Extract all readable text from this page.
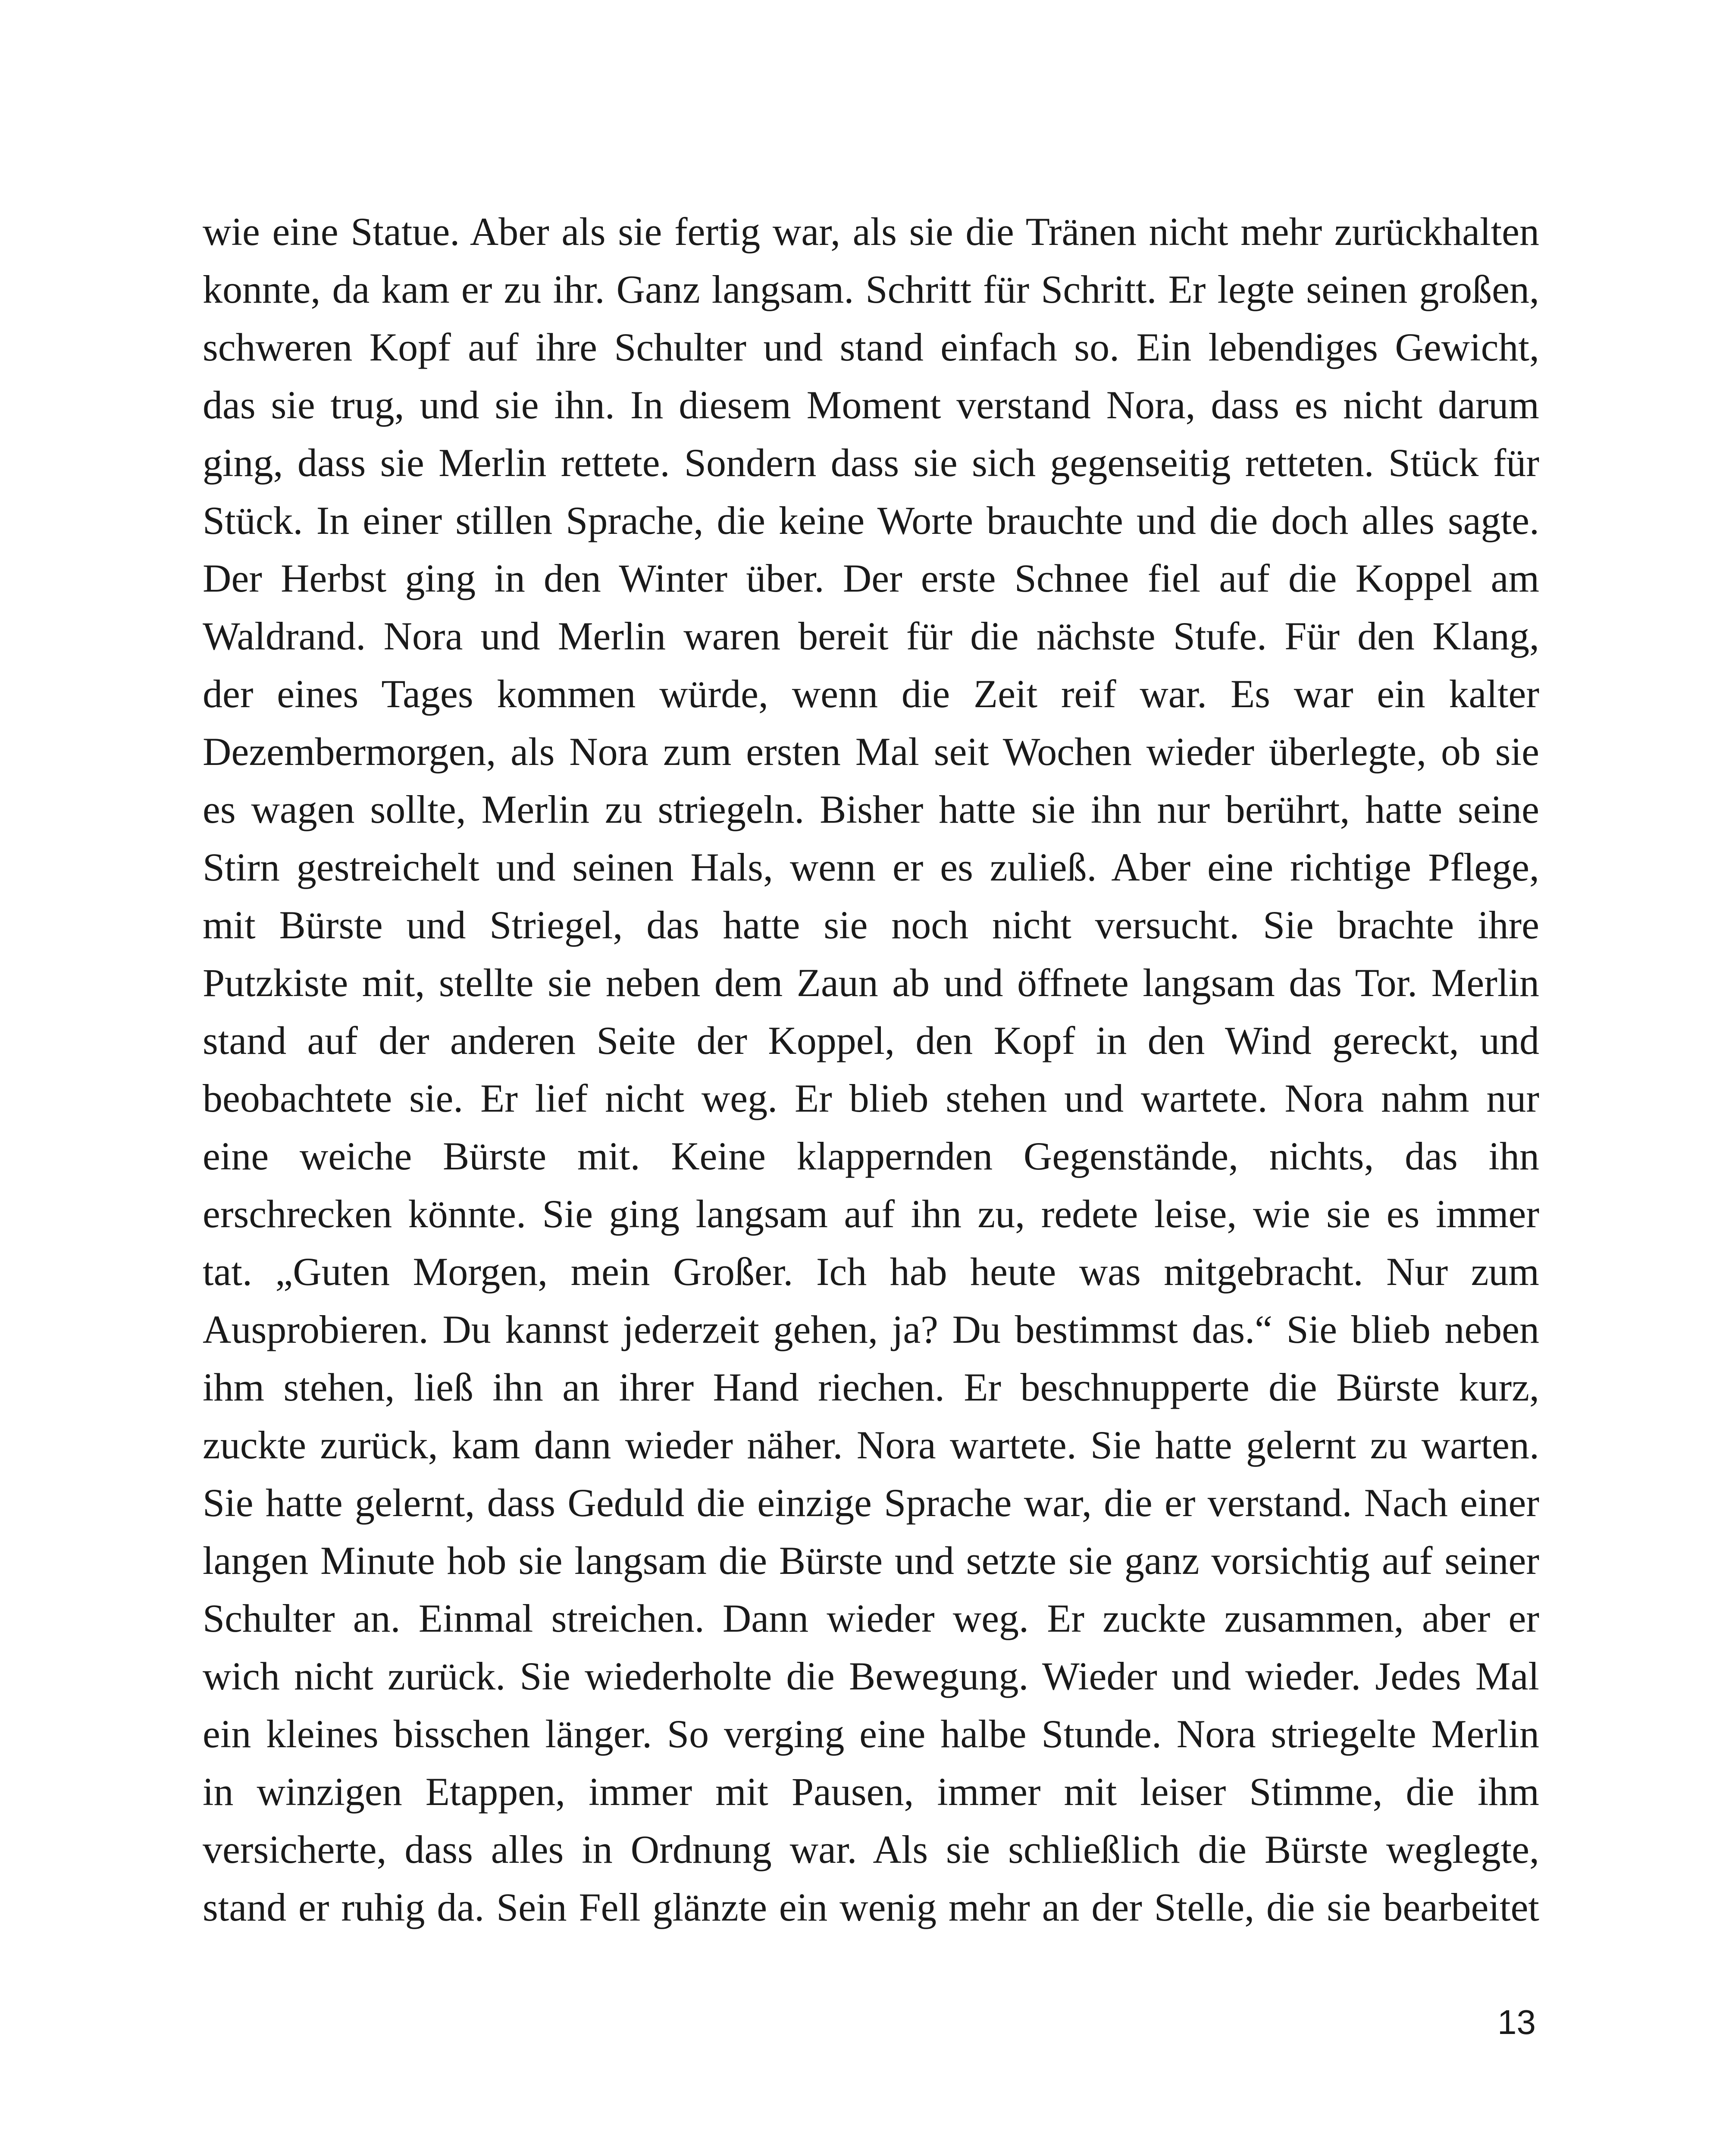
wie eine Statue. Aber als sie fertig war, als sie die Tränen nicht mehr zurückhalten
konnte, da kam er zu ihr. Ganz langsam. Schritt für Schritt. Er legte seinen großen,
schweren Kopf auf ihre Schulter und stand einfach so. Ein lebendiges Gewicht,
das sie trug, und sie ihn. In diesem Moment verstand Nora, dass es nicht darum
ging, dass sie Merlin rettete. Sondern dass sie sich gegenseitig retteten. Stück für
Stück. In einer stillen Sprache, die keine Worte brauchte und die doch alles sagte.
Der Herbst ging in den Winter über. Der erste Schnee fiel auf die Koppel am
Waldrand. Nora und Merlin waren bereit für die nächste Stufe. Für den Klang,
der eines Tages kommen würde, wenn die Zeit reif war. Es war ein kalter
Dezembermorgen, als Nora zum ersten Mal seit Wochen wieder überlegte, ob sie
es wagen sollte, Merlin zu striegeln. Bisher hatte sie ihn nur berührt, hatte seine
Stirn gestreichelt und seinen Hals, wenn er es zuließ. Aber eine richtige Pflege,
mit Bürste und Striegel, das hatte sie noch nicht versucht. Sie brachte ihre
Putzkiste mit, stellte sie neben dem Zaun ab und öffnete langsam das Tor. Merlin
stand auf der anderen Seite der Koppel, den Kopf in den Wind gereckt, und
beobachtete sie. Er lief nicht weg. Er blieb stehen und wartete. Nora nahm nur
eine weiche Bürste mit. Keine klappernden Gegenstände, nichts, das ihn
erschrecken könnte. Sie ging langsam auf ihn zu, redete leise, wie sie es immer
tat. „Guten Morgen, mein Großer. Ich hab heute was mitgebracht. Nur zum
Ausprobieren. Du kannst jederzeit gehen, ja? Du bestimmst das.“ Sie blieb neben
ihm stehen, ließ ihn an ihrer Hand riechen. Er beschnupperte die Bürste kurz,
zuckte zurück, kam dann wieder näher. Nora wartete. Sie hatte gelernt zu warten.
Sie hatte gelernt, dass Geduld die einzige Sprache war, die er verstand. Nach einer
langen Minute hob sie langsam die Bürste und setzte sie ganz vorsichtig auf seiner
Schulter an. Einmal streichen. Dann wieder weg. Er zuckte zusammen, aber er
wich nicht zurück. Sie wiederholte die Bewegung. Wieder und wieder. Jedes Mal
ein kleines bisschen länger. So verging eine halbe Stunde. Nora striegelte Merlin
in winzigen Etappen, immer mit Pausen, immer mit leiser Stimme, die ihm
versicherte, dass alles in Ordnung war. Als sie schließlich die Bürste weglegte,
stand er ruhig da. Sein Fell glänzte ein wenig mehr an der Stelle, die sie bearbeitet
13
